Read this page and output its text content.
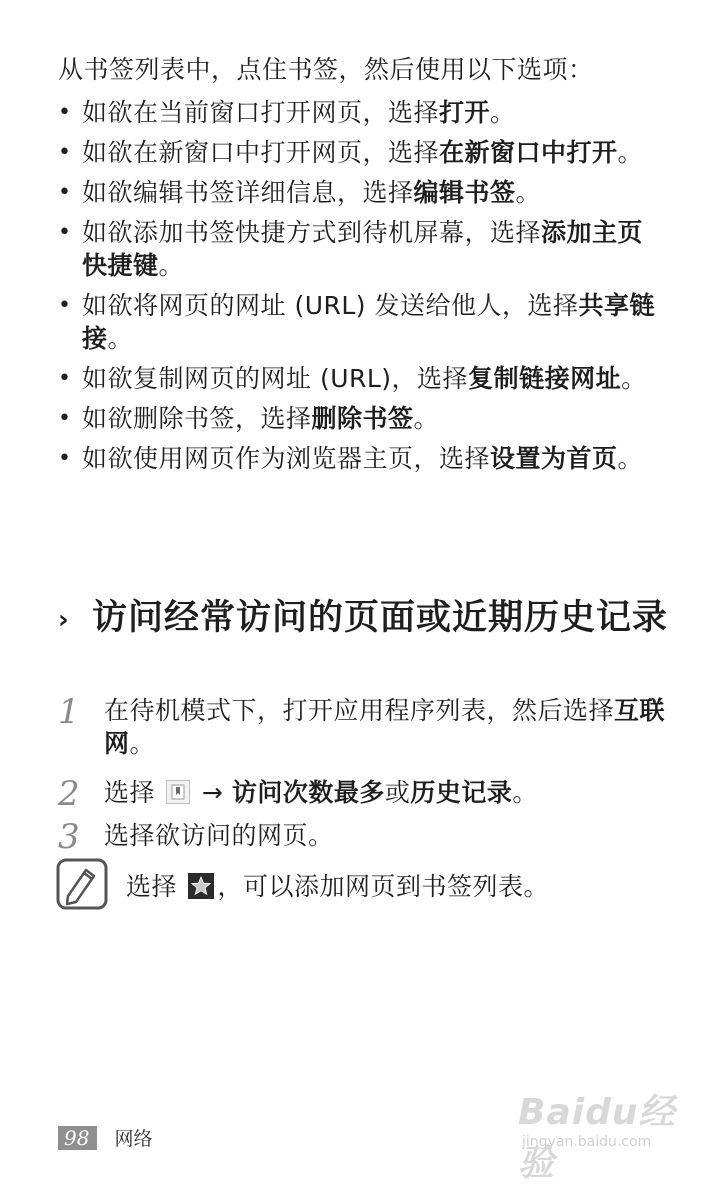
从书签列表中，点住书签，然后使用以下选项：
• 如欲在当前窗口打开网页，选择打开。
• 如欲在新窗口中打开网页，选择在新窗口中打开。
• 如欲编辑书签详细信息，选择编辑书签。
• 如欲添加书签快捷方式到待机屏幕，选择添加主页快捷键。
• 如欲将网页的网址 (URL) 发送给他人，选择共享链接。
• 如欲复制网页的网址 (URL)，选择复制链接网址。
• 如欲删除书签，选择删除书签。
• 如欲使用网页作为浏览器主页，选择设置为首页。
› 访问经常访问的页面或近期历史记录
1 在待机模式下，打开应用程序列表，然后选择互联网。
2 选择 → 访问次数最多或历史记录。
3 选择欲访问的网页。
选择 ，可以添加网页到书签列表。
98 网络
Baidu经验
jingyan.baidu.com
